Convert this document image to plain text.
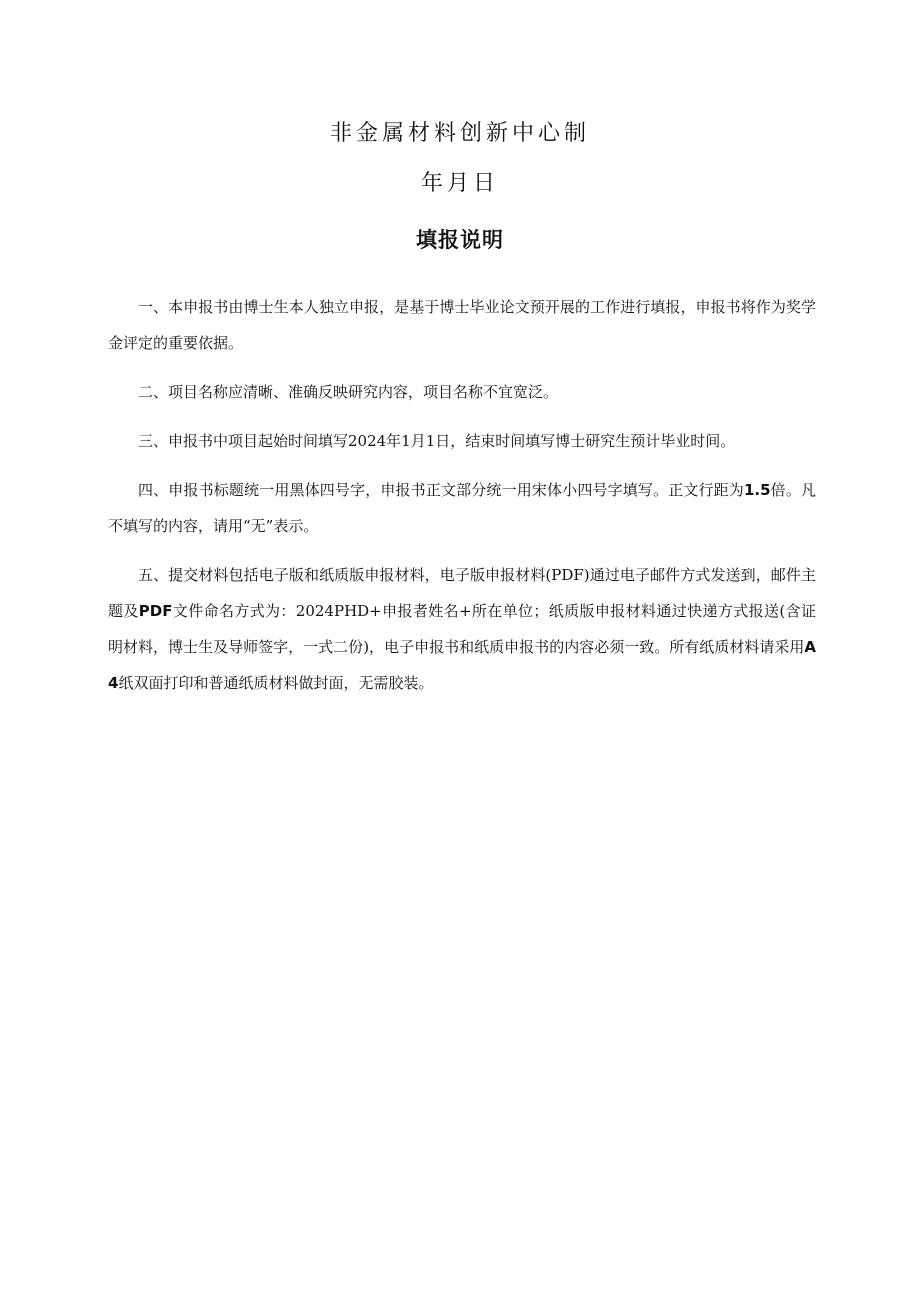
非金属材料创新中心制
年月日
填报说明

一、本申报书由博士生本人独立申报，是基于博士毕业论文预开展的工作进行填报，申报书将作为奖学金评定的重要依据。

二、项目名称应清晰、准确反映研究内容，项目名称不宜宽泛。

三、申报书中项目起始时间填写2024年1月1日，结束时间填写博士研究生预计毕业时间。

四、申报书标题统一用黑体四号字，申报书正文部分统一用宋体小四号字填写。正文行距为1.5倍。凡不填写的内容，请用“无”表示。

五、提交材料包括电子版和纸质版申报材料，电子版申报材料(PDF)通过电子邮件方式发送到，邮件主题及PDF文件命名方式为：2024PHD+申报者姓名+所在单位；纸质版申报材料通过快递方式报送(含证明材料，博士生及导师签字，一式二份)，电子申报书和纸质申报书的内容必须一致。所有纸质材料请采用A4纸双面打印和普通纸质材料做封面，无需胶装。
